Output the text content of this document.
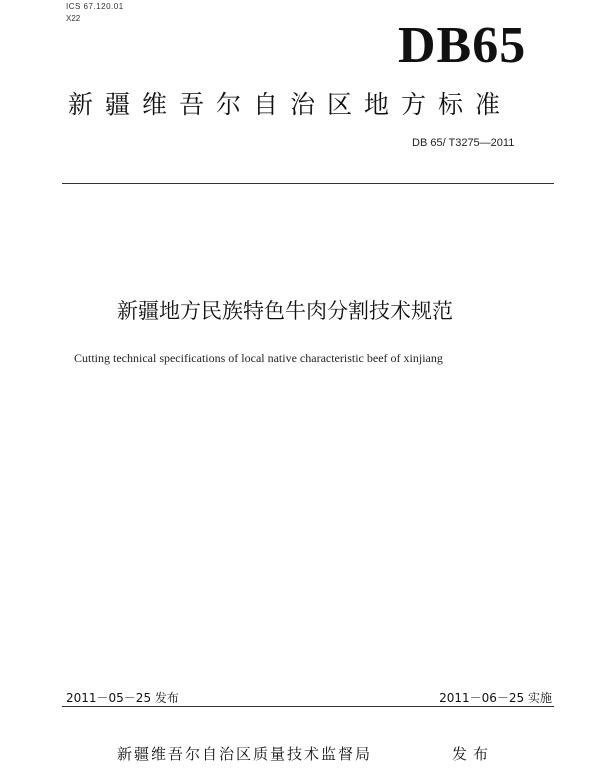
ICS 67.120.01
X22	DB65
新疆维吾尔自治区地方标准
DB 65/ T3275—2011
新疆地方民族特色牛肉分割技术规范
Cutting technical specifications of local native characteristic beef of xinjiang
2011－05－25 发布	2011－06－25 实施
新疆维吾尔自治区质量技术监督局	发布
